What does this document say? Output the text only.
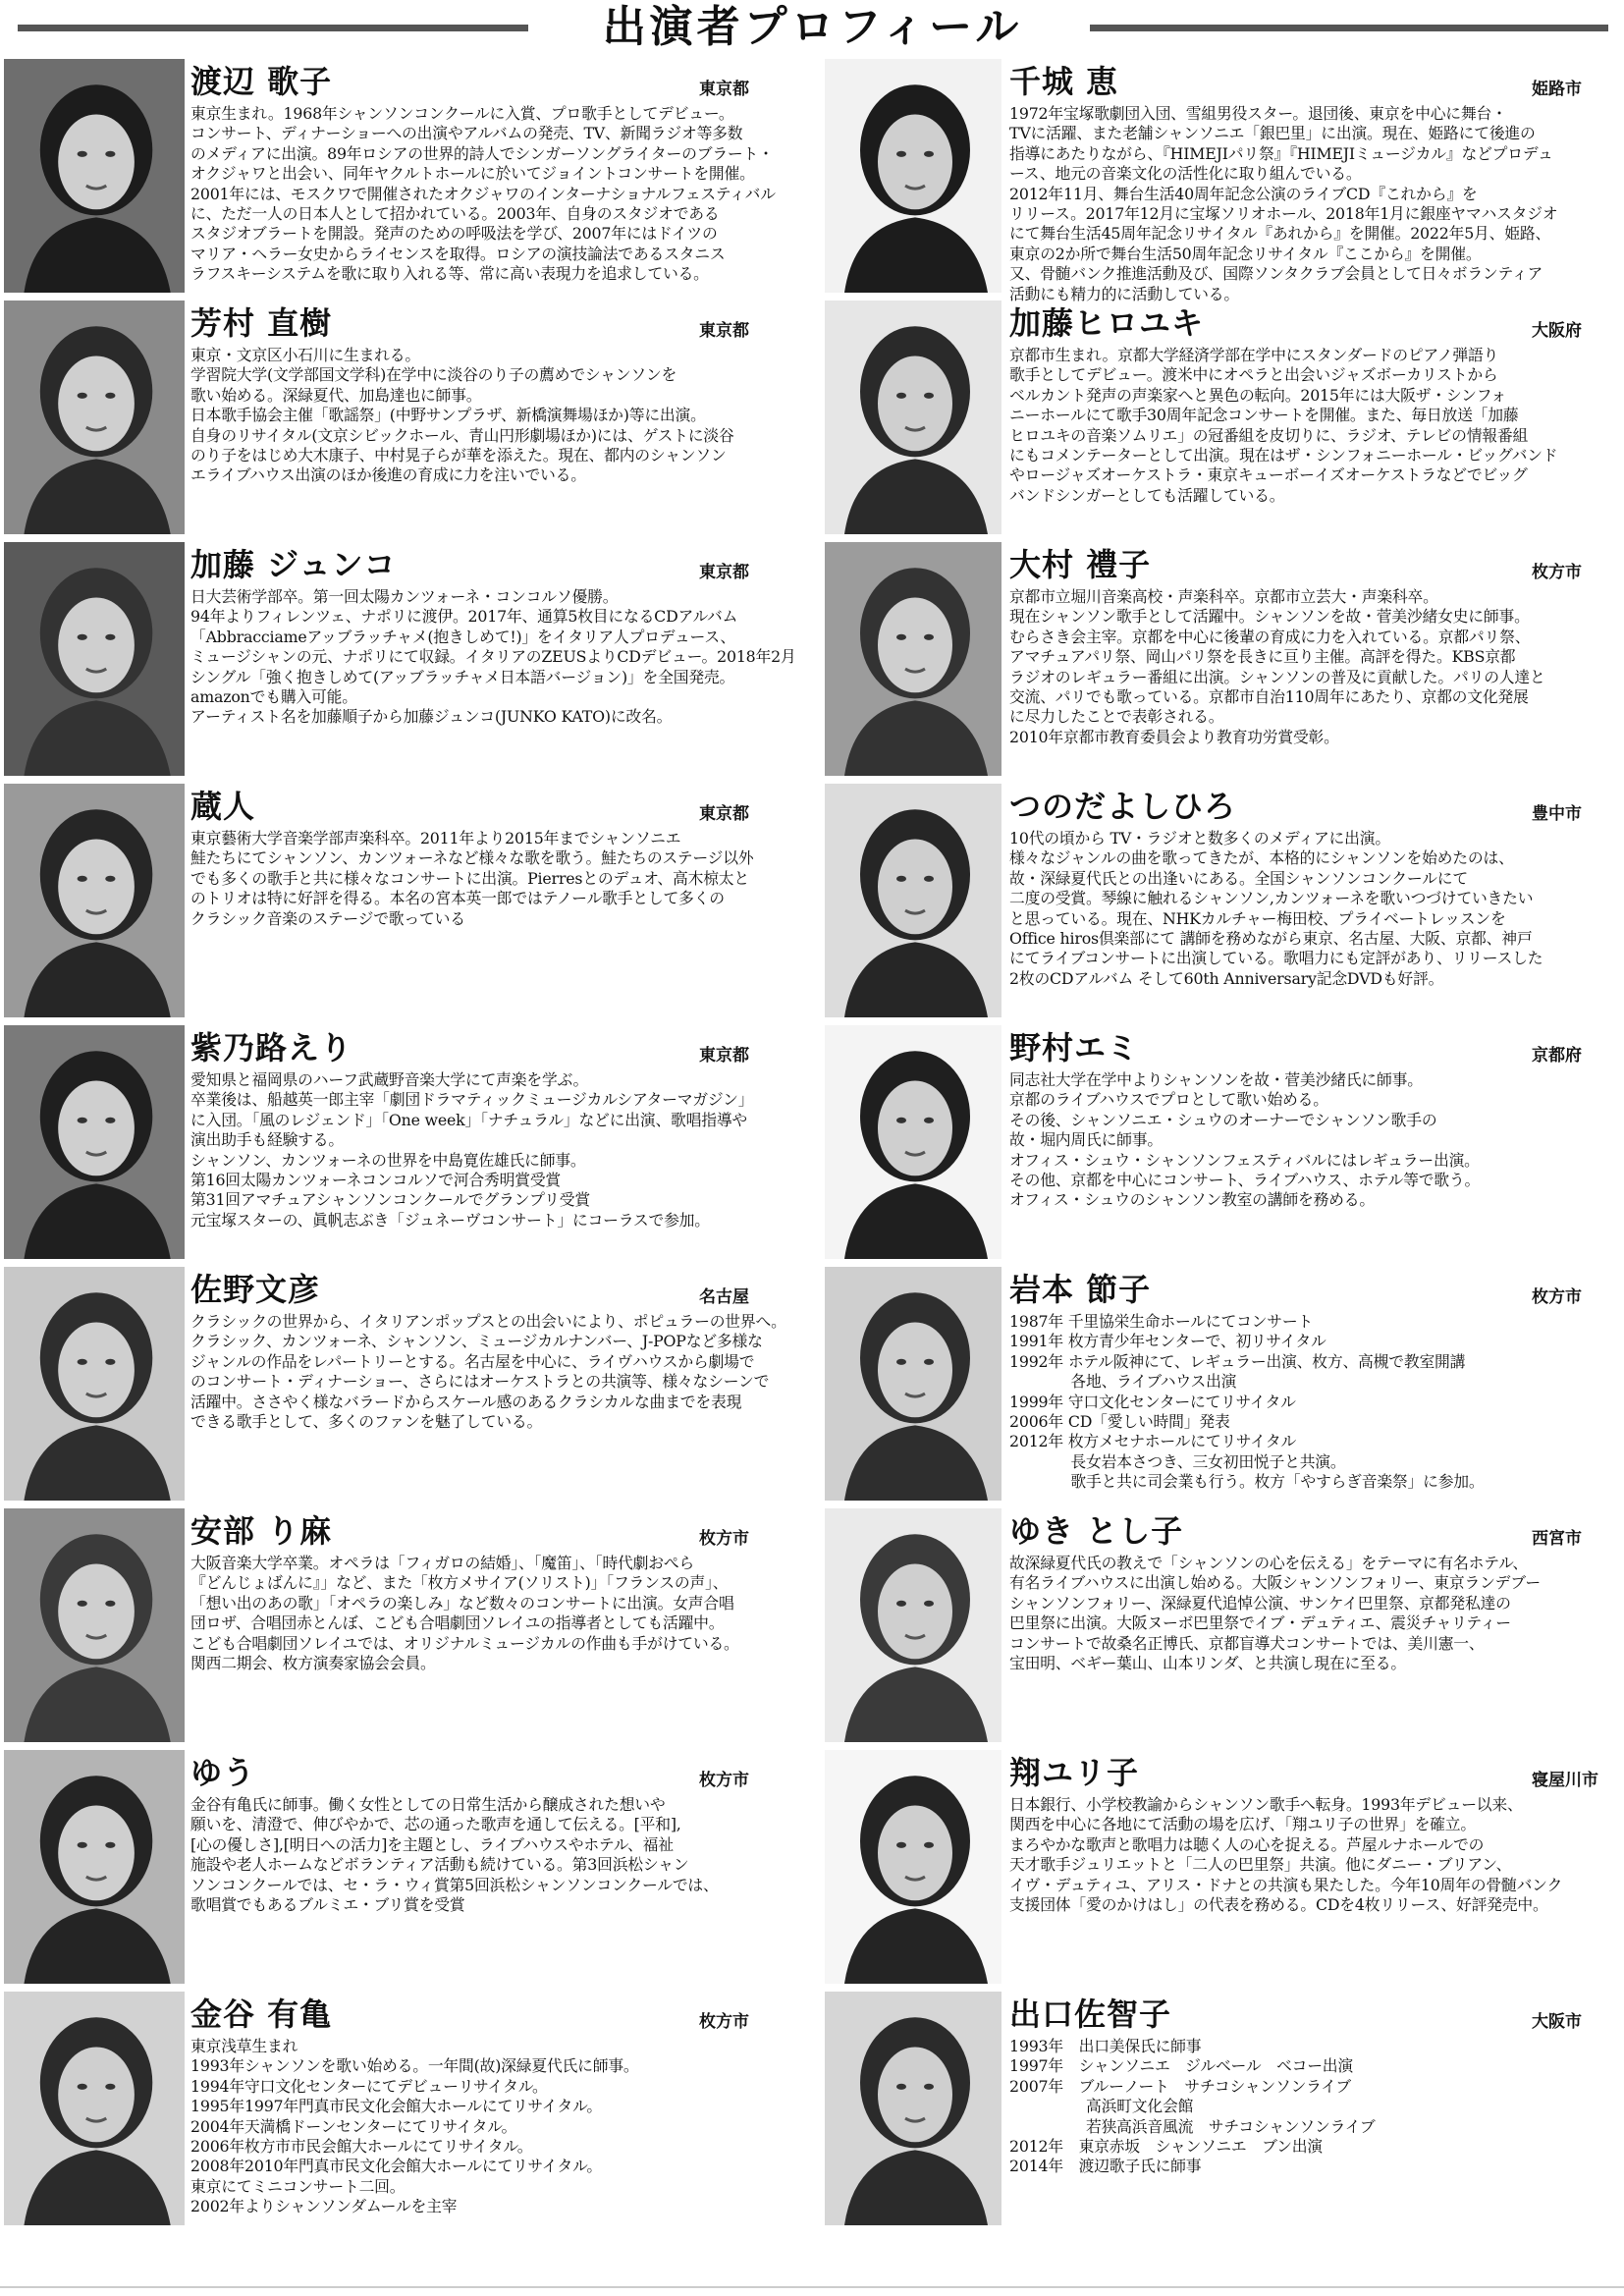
出演者プロフィール
渡辺 歌子	東京都
東京生まれ。1968年シャンソンコンクールに入賞、プロ歌手としてデビュー。
コンサート、ディナーショーへの出演やアルバムの発売、TV、新聞ラジオ等多数
のメディアに出演。89年ロシアの世界的詩人でシンガーソングライターのブラート・
オクジャワと出会い、同年ヤクルトホールに於いてジョイントコンサートを開催。
2001年には、モスクワで開催されたオクジャワのインターナショナルフェスティバル
に、ただ一人の日本人として招かれている。2003年、自身のスタジオである
スタジオブラートを開設。発声のための呼吸法を学び、2007年にはドイツの
マリア・ヘラー女史からライセンスを取得。ロシアの演技論法であるスタニス
ラフスキーシステムを歌に取り入れる等、常に高い表現力を追求している。
芳村 直樹	東京都
東京・文京区小石川に生まれる。
学習院大学(文学部国文学科)在学中に淡谷のり子の薦めでシャンソンを
歌い始める。深緑夏代、加島達也に師事。
日本歌手協会主催「歌謡祭」(中野サンプラザ、新橋演舞場ほか)等に出演。
自身のリサイタル(文京シビックホール、青山円形劇場ほか)には、ゲストに淡谷
のり子をはじめ大木康子、中村晃子らが華を添えた。現在、都内のシャンソン
エライブハウス出演のほか後進の育成に力を注いでいる。
加藤 ジュンコ	東京都
日大芸術学部卒。第一回太陽カンツォーネ・コンコルソ優勝。
94年よりフィレンツェ、ナポリに渡伊。2017年、通算5枚目になるCDアルバム
「Abbracciameアッブラッチャメ(抱きしめて!)」をイタリア人プロデュース、
ミュージシャンの元、ナポリにて収録。イタリアのZEUSよりCDデビュー。2018年2月
シングル「強く抱きしめて(アッブラッチャメ日本語バージョン)」を全国発売。
amazonでも購入可能。
アーティスト名を加藤順子から加藤ジュンコ(JUNKO KATO)に改名。
蔵人	東京都
東京藝術大学音楽学部声楽科卒。2011年より2015年までシャンソニエ
鮭たちにてシャンソン、カンツォーネなど様々な歌を歌う。鮭たちのステージ以外
でも多くの歌手と共に様々なコンサートに出演。Pierresとのデュオ、高木椋太と
のトリオは特に好評を得る。本名の宮本英一郎ではテノール歌手として多くの
クラシック音楽のステージで歌っている
紫乃路えり	東京都
愛知県と福岡県のハーフ武蔵野音楽大学にて声楽を学ぶ。
卒業後は、船越英一郎主宰「劇団ドラマティックミュージカルシアターマガジン」
に入団。「風のレジェンド」「One week」「ナチュラル」などに出演、歌唱指導や
演出助手も経験する。
シャンソン、カンツォーネの世界を中島寛佐雄氏に師事。
第16回太陽カンツォーネコンコルソで河合秀明賞受賞
第31回アマチュアシャンソンコンクールでグランプリ受賞
元宝塚スターの、眞帆志ぶき「ジュネーヴコンサート」にコーラスで参加。
佐野文彦	名古屋
クラシックの世界から、イタリアンポップスとの出会いにより、ポピュラーの世界へ。
クラシック、カンツォーネ、シャンソン、ミュージカルナンバー、J-POPなど多様な
ジャンルの作品をレパートリーとする。名古屋を中心に、ライヴハウスから劇場で
のコンサート・ディナーショー、さらにはオーケストラとの共演等、様々なシーンで
活躍中。ささやく様なバラードからスケール感のあるクラシカルな曲までを表現
できる歌手として、多くのファンを魅了している。
安部 り麻	枚方市
大阪音楽大学卒業。オペラは「フィガロの結婚」、「魔笛」、「時代劇おぺら
『どんじょばんに』」など、また「枚方メサイア(ソリスト)」「フランスの声」、
「想い出のあの歌」「オペラの楽しみ」など数々のコンサートに出演。女声合唱
団ロザ、合唱団赤とんぼ、こども合唱劇団ソレイユの指導者としても活躍中。
こども合唱劇団ソレイユでは、オリジナルミュージカルの作曲も手がけている。
関西二期会、枚方演奏家協会会員。
ゆう	枚方市
金谷有亀氏に師事。働く女性としての日常生活から醸成された想いや
願いを、清澄で、伸びやかで、芯の通った歌声を通して伝える。[平和],
[心の優しさ],[明日への活力]を主題とし、ライブハウスやホテル、福祉
施設や老人ホームなどボランティア活動も続けている。第3回浜松シャン
ソンコンクールでは、セ・ラ・ウィ賞第5回浜松シャンソンコンクールでは、
歌唱賞でもあるブルミエ・ブリ賞を受賞
金谷 有亀	枚方市
東京浅草生まれ
1993年シャンソンを歌い始める。一年間(故)深緑夏代氏に師事。
1994年守口文化センターにてデビューリサイタル。
1995年1997年門真市民文化会館大ホールにてリサイタル。
2004年天満橋ドーンセンターにてリサイタル。
2006年枚方市市民会館大ホールにてリサイタル。
2008年2010年門真市民文化会館大ホールにてリサイタル。
東京にてミニコンサート二回。
2002年よりシャンソンダムールを主宰
千城 恵	姫路市
1972年宝塚歌劇団入団、雪組男役スター。退団後、東京を中心に舞台・
TVに活躍、また老舗シャンソニエ「銀巴里」に出演。現在、姫路にて後進の
指導にあたりながら、『HIMEJIパリ祭』『HIMEJIミュージカル』などプロデュ
ース、地元の音楽文化の活性化に取り組んでいる。
2012年11月、舞台生活40周年記念公演のライブCD『これから』を
リリース。2017年12月に宝塚ソリオホール、2018年1月に銀座ヤマハスタジオ
にて舞台生活45周年記念リサイタル『あれから』を開催。2022年5月、姫路、
東京の2か所で舞台生活50周年記念リサイタル『ここから』を開催。
又、骨髄バンク推進活動及び、国際ソンタクラブ会員として日々ボランティア
活動にも精力的に活動している。
加藤ヒロユキ	大阪府
京都市生まれ。京都大学経済学部在学中にスタンダードのピアノ弾語り
歌手としてデビュー。渡米中にオペラと出会いジャズボーカリストから
ベルカント発声の声楽家へと異色の転向。2015年には大阪ザ・シンフォ
ニーホールにて歌手30周年記念コンサートを開催。また、毎日放送「加藤
ヒロユキの音楽ソムリエ」の冠番組を皮切りに、ラジオ、テレビの情報番組
にもコメンテーターとして出演。現在はザ・シンフォニーホール・ビッグバンド
やロージャズオーケストラ・東京キューボーイズオーケストラなどでビッグ
バンドシンガーとしても活躍している。
大村 禮子	枚方市
京都市立堀川音楽高校・声楽科卒。京都市立芸大・声楽科卒。
現在シャンソン歌手として活躍中。シャンソンを故・菅美沙緒女史に師事。
むらさき会主宰。京都を中心に後輩の育成に力を入れている。京都パリ祭、
アマチュアパリ祭、岡山パリ祭を長きに亘り主催。高評を得た。KBS京都
ラジオのレギュラー番組に出演。シャンソンの普及に貢献した。パリの人達と
交流、パリでも歌っている。京都市自治110周年にあたり、京都の文化発展
に尽力したことで表彰される。
2010年京都市教育委員会より教育功労賞受彰。
つのだよしひろ	豊中市
10代の頃から TV・ラジオと数多くのメディアに出演。
様々なジャンルの曲を歌ってきたが、本格的にシャンソンを始めたのは、
故・深緑夏代氏との出逢いにある。全国シャンソンコンクールにて
二度の受賞。琴線に触れるシャンソン,カンツォーネを歌いつづけていきたい
と思っている。現在、NHKカルチャー梅田校、プライベートレッスンを
Office hiros倶楽部にて 講師を務めながら東京、名古屋、大阪、京都、神戸
にてライブコンサートに出演している。歌唱力にも定評があり、リリースした
2枚のCDアルバム そして60th Anniversary記念DVDも好評。
野村エミ	京都府
同志社大学在学中よりシャンソンを故・菅美沙緒氏に師事。
京都のライブハウスでプロとして歌い始める。
その後、シャンソニエ・シュウのオーナーでシャンソン歌手の
故・堀内周氏に師事。
オフィス・シュウ・シャンソンフェスティバルにはレギュラー出演。
その他、京都を中心にコンサート、ライブハウス、ホテル等で歌う。
オフィス・シュウのシャンソン教室の講師を務める。
岩本 節子	枚方市
1987年 千里協栄生命ホールにてコンサート
1991年 枚方青少年センターで、初リサイタル
1992年 ホテル阪神にて、レギュラー出演、枚方、高槻で教室開講
　　　　各地、ライブハウス出演
1999年 守口文化センターにてリサイタル
2006年 CD「愛しい時間」発表
2012年 枚方メセナホールにてリサイタル
　　　　長女岩本さつき、三女初田悦子と共演。
　　　　歌手と共に司会業も行う。枚方「やすらぎ音楽祭」に参加。
ゆき とし子	西宮市
故深緑夏代氏の教えで「シャンソンの心を伝える」をテーマに有名ホテル、
有名ライブハウスに出演し始める。大阪シャンソンフォリー、東京ランデブー
シャンソンフォリー、深緑夏代追悼公演、サンケイ巴里祭、京都発私達の
巴里祭に出演。大阪ヌーボ巴里祭でイブ・デュティエ、震災チャリティー
コンサートで故桑名正博氏、京都盲導犬コンサートでは、美川憲一、
宝田明、ベギー葉山、山本リンダ、と共演し現在に至る。
翔ユリ子	寝屋川市
日本銀行、小学校教諭からシャンソン歌手へ転身。1993年デビュー以来、
関西を中心に各地にて活動の場を広げ、「翔ユリ子の世界」を確立。
まろやかな歌声と歌唱力は聴く人の心を捉える。芦屋ルナホールでの
天才歌手ジュリエットと「二人の巴里祭」共演。他にダニー・ブリアン、
イヴ・デュティユ、アリス・ドナとの共演も果たした。今年10周年の骨髄バンク
支援団体「愛のかけはし」の代表を務める。CDを4枚リリース、好評発売中。
出口佐智子	大阪市
1993年　出口美保氏に師事
1997年　シャンソニエ　ジルベール　ベコー出演
2007年　ブルーノート　サチコシャンソンライブ
　　　　　高浜町文化会館
　　　　　若狭高浜音風流　サチコシャンソンライブ
2012年　東京赤坂　シャンソニエ　ブン出演
2014年　渡辺歌子氏に師事
